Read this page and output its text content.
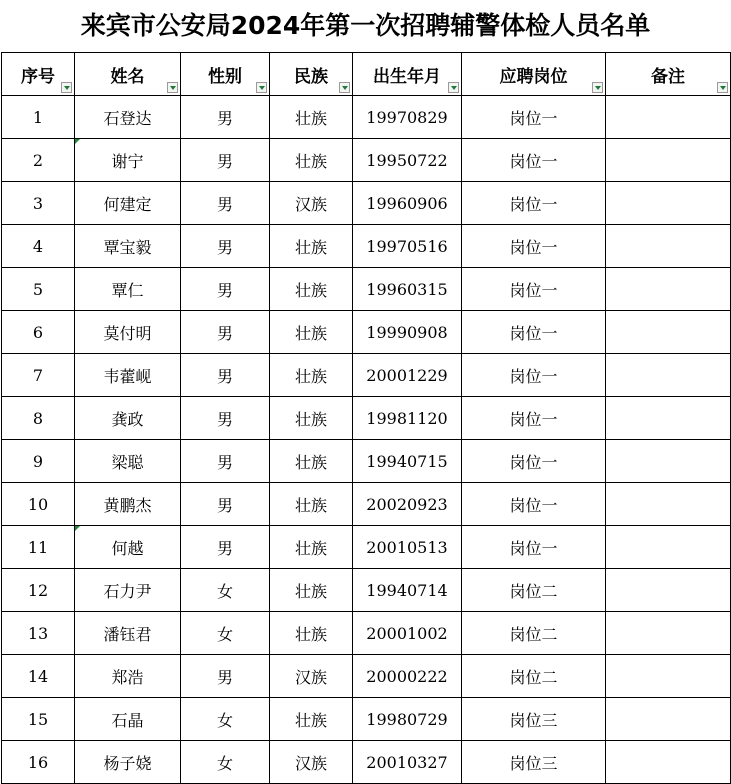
来宾市公安局2024年第一次招聘辅警体检人员名单
序号	姓名	性别	民族	出生年月	应聘岗位	备注

1	石登达	男	壮族	19970829	岗位一	
2	谢宁	男	壮族	19950722	岗位一	
3	何建定	男	汉族	19960906	岗位一	
4	覃宝毅	男	壮族	19970516	岗位一	
5	覃仁	男	壮族	19960315	岗位一	
6	莫付明	男	壮族	19990908	岗位一	
7	韦藿岘	男	壮族	20001229	岗位一	
8	龚政	男	壮族	19981120	岗位一	
9	梁聪	男	壮族	19940715	岗位一	
10	黄鹏杰	男	壮族	20020923	岗位一	
11	何越	男	壮族	20010513	岗位一	
12	石力尹	女	壮族	19940714	岗位二	
13	潘钰君	女	壮族	20001002	岗位二	
14	郑浩	男	汉族	20000222	岗位二	
15	石晶	女	壮族	19980729	岗位三	
16	杨子娆	女	汉族	20010327	岗位三	
